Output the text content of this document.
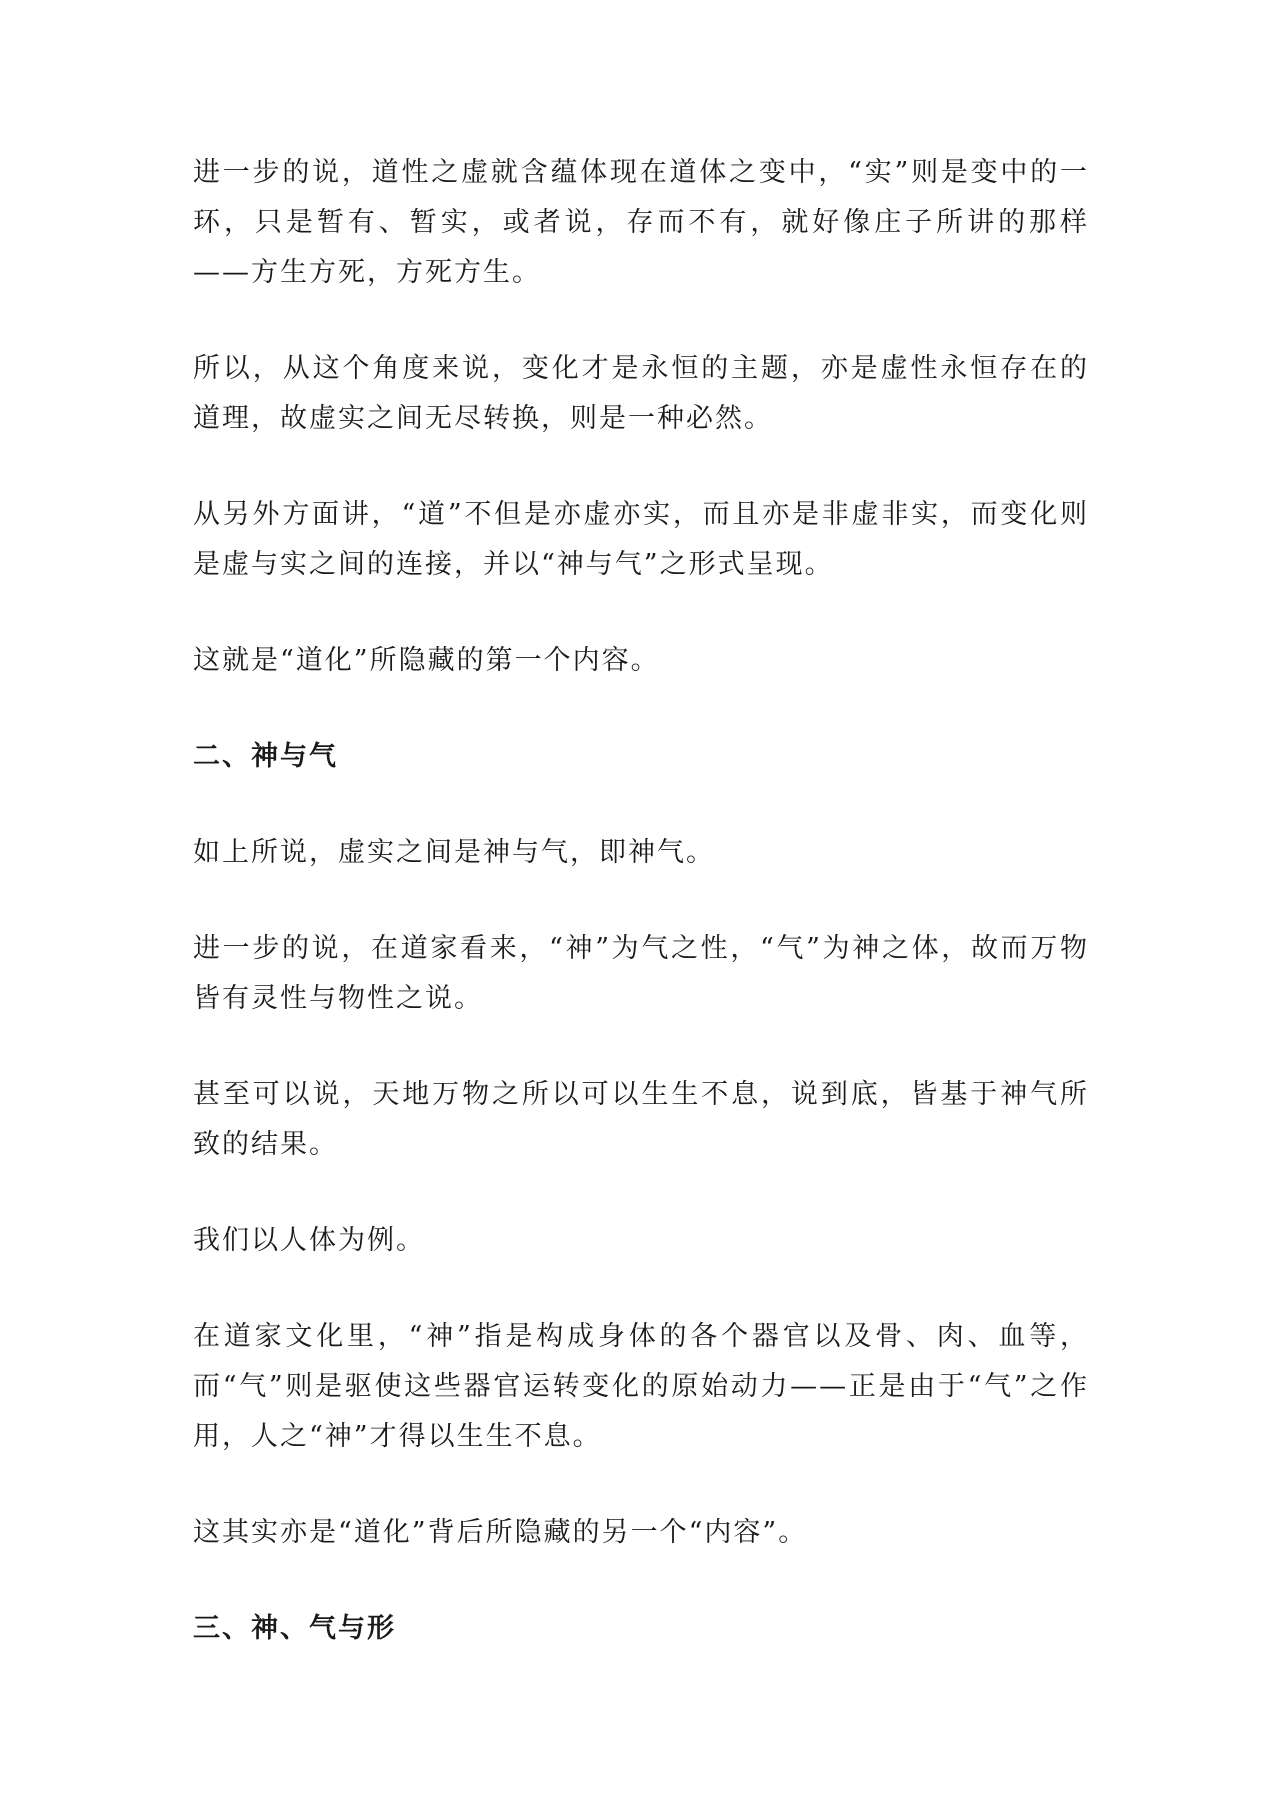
进一步的说，道性之虚就含蕴体现在道体之变中，“实”则是变中的一环，只是暂有、暂实，或者说，存而不有，就好像庄子所讲的那样——方生方死，方死方生。

所以，从这个角度来说，变化才是永恒的主题，亦是虚性永恒存在的道理，故虚实之间无尽转换，则是一种必然。

从另外方面讲，“道”不但是亦虚亦实，而且亦是非虚非实，而变化则是虚与实之间的连接，并以“神与气”之形式呈现。

这就是“道化”所隐藏的第一个内容。

二、神与气

如上所说，虚实之间是神与气，即神气。

进一步的说，在道家看来，“神”为气之性，“气”为神之体，故而万物皆有灵性与物性之说。

甚至可以说，天地万物之所以可以生生不息，说到底，皆基于神气所致的结果。

我们以人体为例。

在道家文化里，“神”指是构成身体的各个器官以及骨、肉、血等，而“气”则是驱使这些器官运转变化的原始动力——正是由于“气”之作用，人之“神”才得以生生不息。

这其实亦是“道化”背后所隐藏的另一个“内容”。

三、神、气与形
